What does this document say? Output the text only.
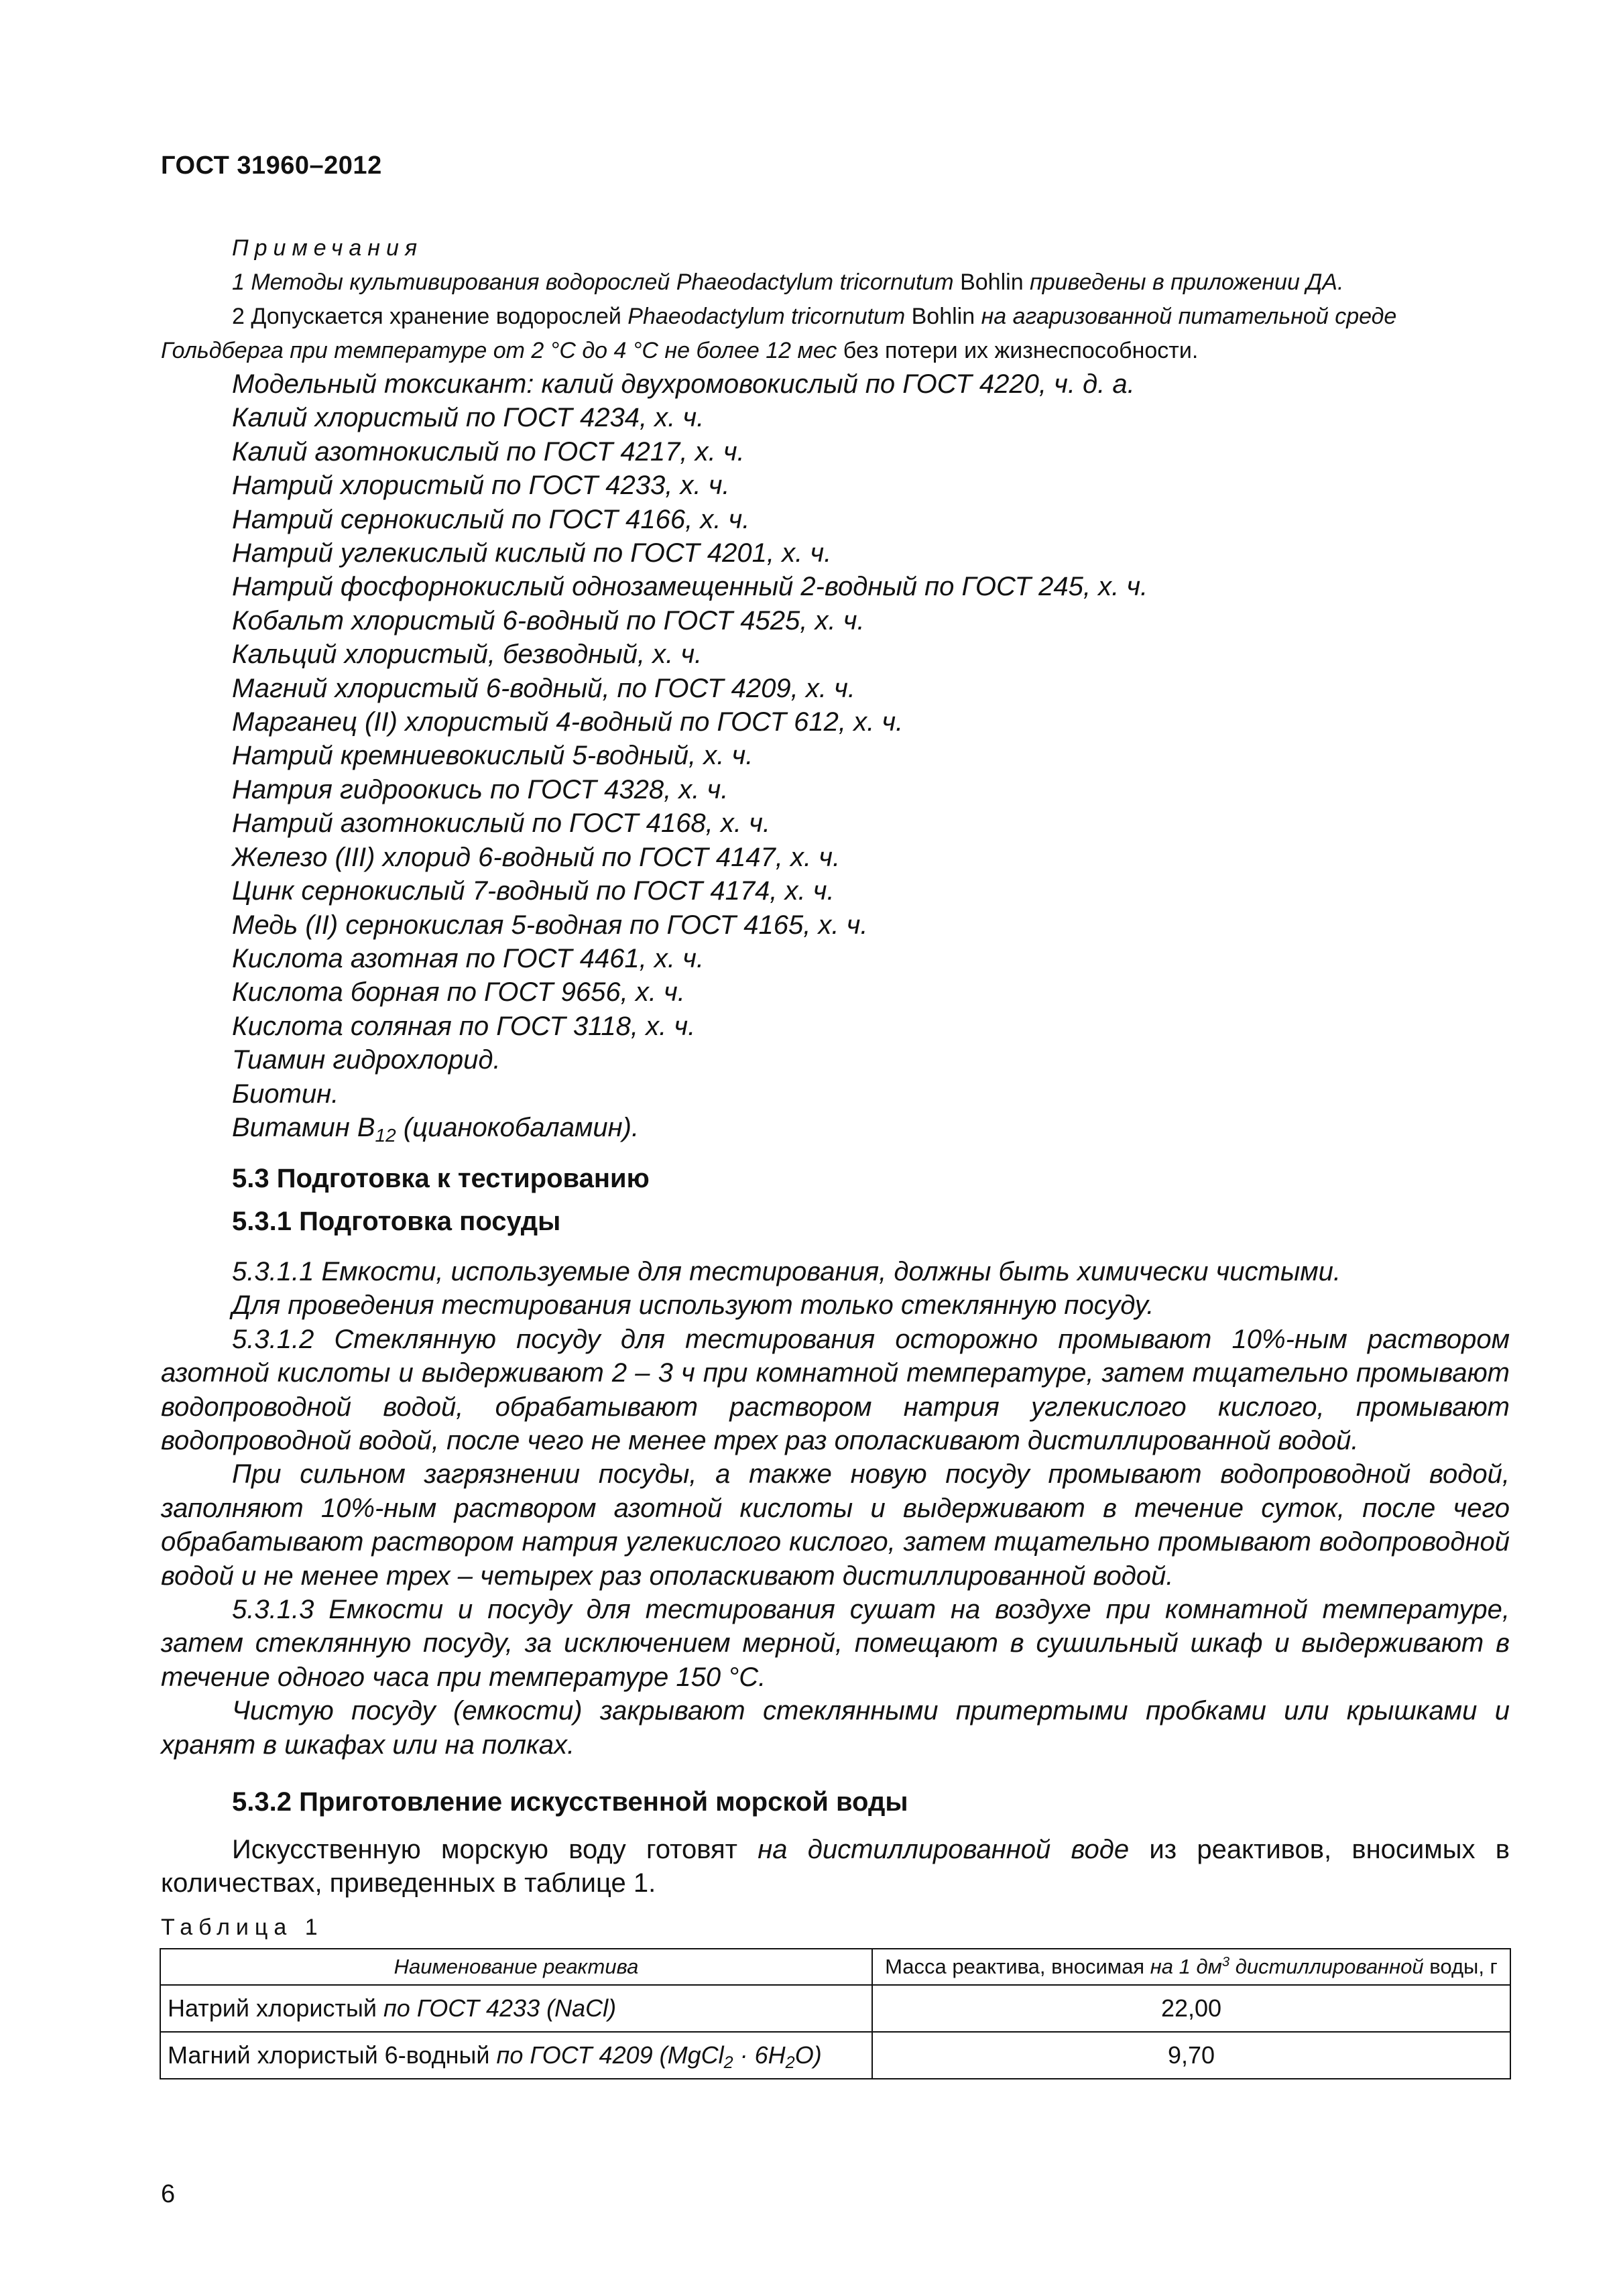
ГОСТ 31960–2012
Примечания
1 Методы культивирования водорослей Phaeodactylum tricornutum Bohlin приведены в приложении ДА.
2 Допускается хранение водорослей Phaeodactylum tricornutum Bohlin на агаризованной питательной среде Гольдберга при температуре от 2 °С до 4 °С не более 12 мес без потери их жизнеспособности.
Модельный токсикант: калий двухромовокислый по ГОСТ 4220, ч. д. а.
Калий хлористый по ГОСТ 4234, х. ч.
Калий азотнокислый по ГОСТ 4217, х. ч.
Натрий хлористый по ГОСТ 4233, х. ч.
Натрий сернокислый по ГОСТ 4166, х. ч.
Натрий углекислый кислый по ГОСТ 4201, х. ч.
Натрий фосфорнокислый однозамещенный 2-водный по ГОСТ 245, х. ч.
Кобальт хлористый 6-водный по ГОСТ 4525, х. ч.
Кальций хлористый, безводный, х. ч.
Магний хлористый 6-водный, по ГОСТ 4209, х. ч.
Марганец (II) хлористый 4-водный по ГОСТ 612, х. ч.
Натрий кремниевокислый 5-водный, х. ч.
Натрия гидроокись по ГОСТ 4328, х. ч.
Натрий азотнокислый по ГОСТ 4168, х. ч.
Железо (III) хлорид 6-водный по ГОСТ 4147, х. ч.
Цинк сернокислый 7-водный по ГОСТ 4174, х. ч.
Медь (II) сернокислая 5-водная по ГОСТ 4165, х. ч.
Кислота азотная по ГОСТ 4461, х. ч.
Кислота борная по ГОСТ 9656, х. ч.
Кислота соляная по ГОСТ 3118, х. ч.
Тиамин гидрохлорид.
Биотин.
Витамин B12 (цианокобаламин).
5.3 Подготовка к тестированию
5.3.1 Подготовка посуды

5.3.1.1 Емкости, используемые для тестирования, должны быть химически чистыми.

Для проведения тестирования используют только стеклянную посуду.

5.3.1.2 Стеклянную посуду для тестирования осторожно промывают 10%-ным раствором азотной кислоты и выдерживают 2 – 3 ч при комнатной температуре, затем тщательно промывают водопроводной водой, обрабатывают раствором натрия углекислого кислого, промывают водопроводной водой, после чего не менее трех раз ополаскивают дистиллированной водой.

При сильном загрязнении посуды, а также новую посуду промывают водопроводной водой, заполняют 10%-ным раствором азотной кислоты и выдерживают в течение суток, после чего обрабатывают раствором натрия углекислого кислого, затем тщательно промывают водопроводной водой и не менее трех – четырех раз ополаскивают дистиллированной водой.

5.3.1.3 Емкости и посуду для тестирования сушат на воздухе при комнатной температуре, затем стеклянную посуду, за исключением мерной, помещают в сушильный шкаф и выдерживают в течение одного часа при температуре 150 °С.

Чистую посуду (емкости) закрывают стеклянными притертыми пробками или крышками и хранят в шкафах или на полках.

5.3.2 Приготовление искусственной морской воды

Искусственную морскую воду готовят на дистиллированной воде из реактивов, вносимых в количествах, приведенных в таблице 1.

Таблица 1
Наименование реактива	Масса реактива, вносимая на 1 $дм^3$ дистиллированной воды, г
Натрий хлористый по ГОСТ 4233 (NaCl)	22,00
Магний хлористый 6-водный по ГОСТ 4209 (MgCl2 · 6H2O)	9,70
6
